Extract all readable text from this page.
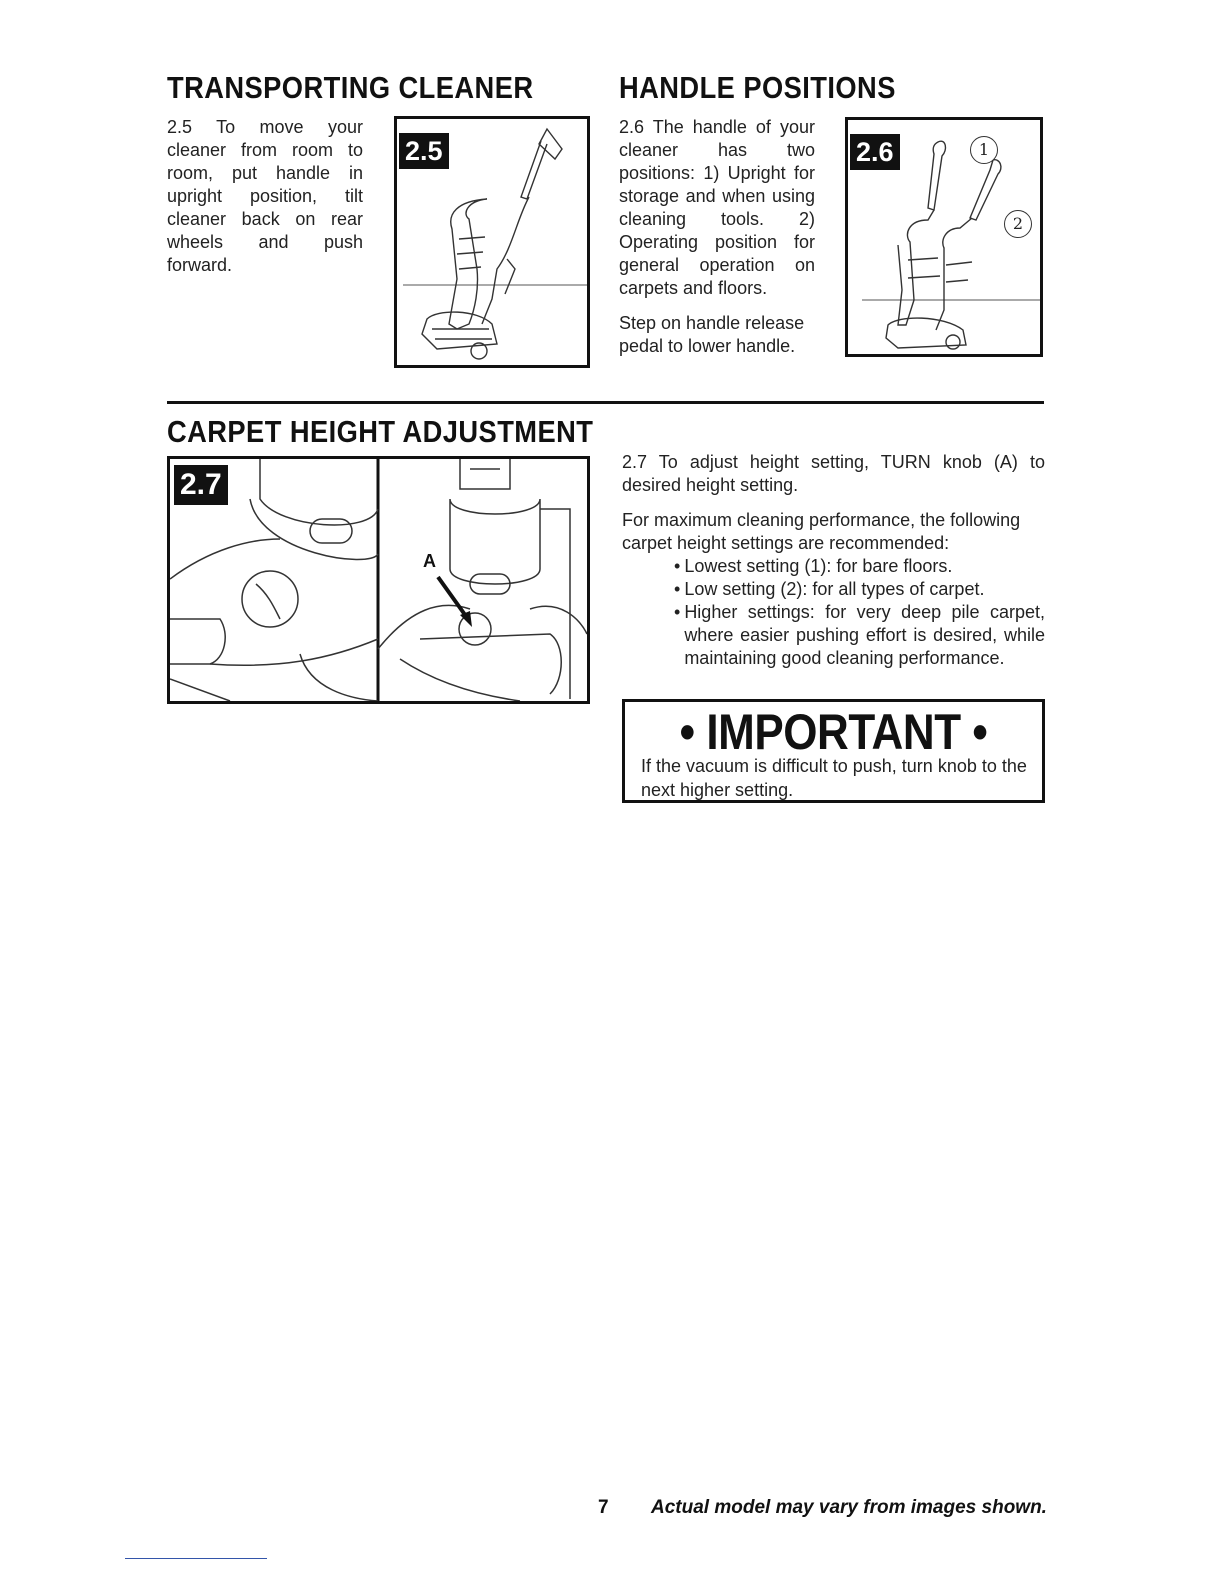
TRANSPORTING CLEANER
2.5 To move your cleaner from room to room, put handle in upright position, tilt cleaner back on rear wheels and push forward.
2.5
HANDLE POSITIONS
2.6 The handle of your cleaner has two positions: 1) Upright for storage and when using cleaning tools. 2) Operating position for general operation on carpets and floors.
Step on handle release pedal to lower handle.
2.6	1
2
CARPET HEIGHT ADJUSTMENT
2.7
A
2.7 To adjust height setting, TURN knob (A) to desired height setting.
For maximum cleaning performance, the following carpet height settings are recommended:
• Lowest setting (1): for bare floors.
• Low setting (2): for all types of carpet.
• Higher settings: for very deep pile carpet, where easier pushing effort is desired, while maintaining good cleaning performance.
• IMPORTANT •
If the vacuum is difficult to push, turn knob to the next higher setting.
7 Actual model may vary from images shown.
